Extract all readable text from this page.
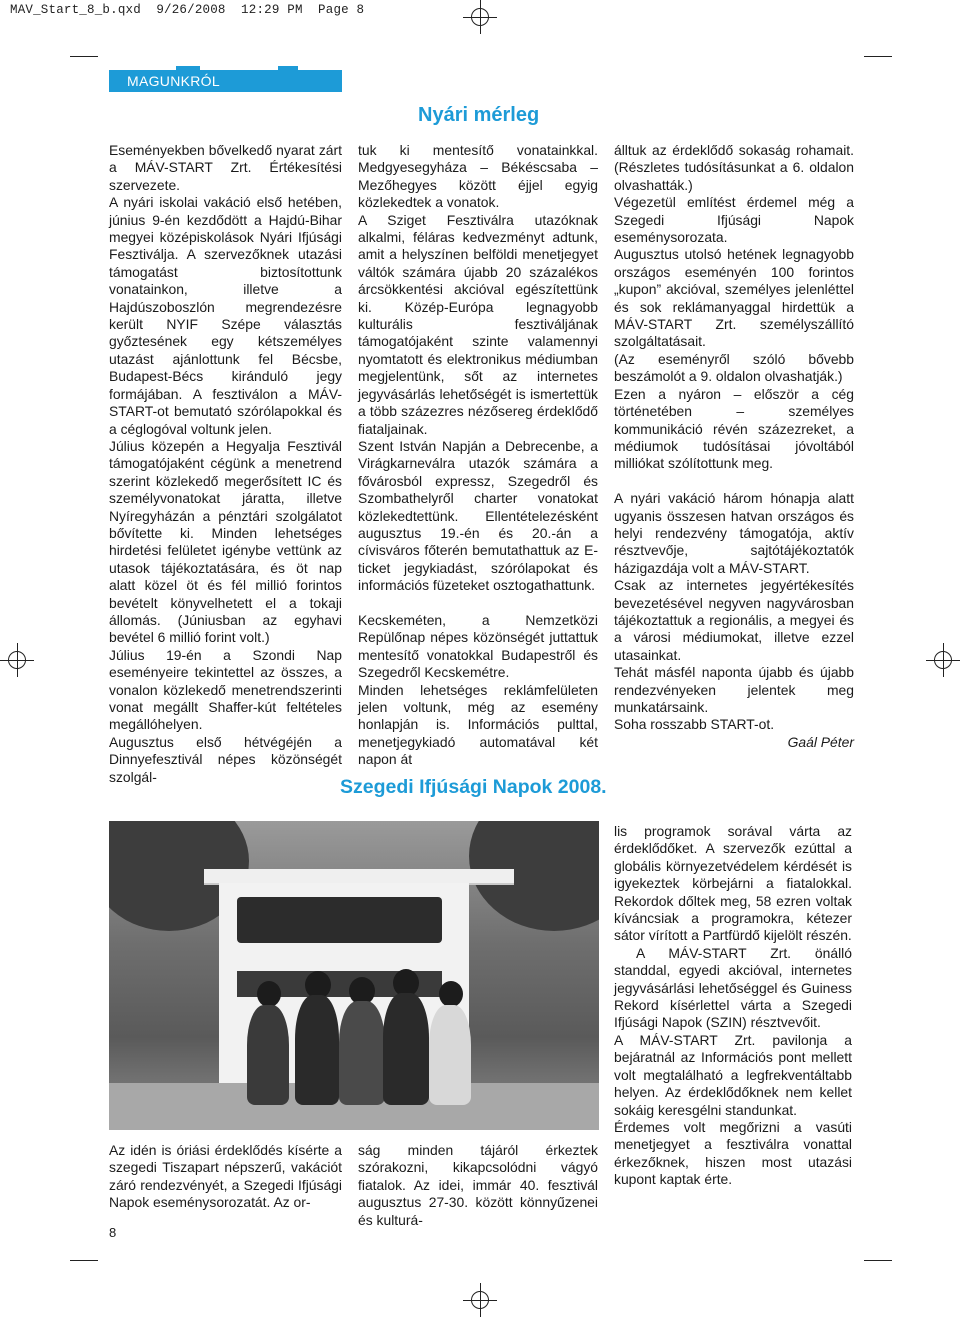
MAV_Start_8_b.qxd  9/26/2008  12:29 PM  Page 8
MAGUNKRÓL
Nyári mérleg

Eseményekben bővelkedő nyarat zárt a MÁV-START Zrt. Értékesítési szervezete.

A nyári iskolai vakáció első hetében, június 9-én kezdődött a Hajdú-Bihar megyei középiskolások Nyári Ifjúsági Fesztiválja. A szervezőknek utazási támogatást biztosítottunk vonatainkon, illetve a Hajdúszoboszlón megrendezésre került NYIF Szépe választás győztesének egy kétszemélyes utazást ajánlottunk fel Bécsbe, Budapest-Bécs kiránduló jegy formájában. A fesztiválon a MÁV-START-ot bemutató szórólapokkal és a céglogóval voltunk jelen.

Július közepén a Hegyalja Fesztivál támogatójaként cégünk a menetrend szerint közlekedő megerősített IC és személyvonatokat járatta, illetve Nyíregyházán a pénztári szolgálatot bővítette ki. Minden lehetséges hirdetési felületet igénybe vettünk az utasok tájékoztatására, és öt nap alatt közel öt és fél millió forintos bevételt könyvelhetett el a tokaji állomás. (Júniusban az egyhavi bevétel 6 millió forint volt.)

Július 19-én a Szondi Nap eseményeire tekintettel az összes, a vonalon közlekedő menetrendszerinti vonat megállt Shaffer-kút feltételes megállóhelyen.

Augusztus első hétvégéjén a Dinnyefesztivál népes közönségét szolgál-

tuk ki mentesítő vonatainkkal. Medgyesegyháza – Békéscsaba – Mezőhegyes között éjjel egyig közlekedtek a vonatok.

A Sziget Fesztiválra utazóknak alkalmi, féláras kedvezményt adtunk, amit a helyszínen belföldi menetjegyet váltók számára újabb 20 százalékos árcsökkentési akcióval egészítettünk ki. Közép-Európa legnagyobb kulturális fesztiváljának támogatójaként szinte valamennyi nyomtatott és elektronikus médiumban megjelentünk, sőt az internetes jegyvásárlás lehetőségét is ismertettük a több százezres nézősereg érdeklődő fiataljainak.

Szent István Napján a Debrecenbe, a Virágkarneválra utazók számára a fővárosból expressz, Szegedről és Szombathelyről charter vonatokat közlekedtettünk. Ellentételezésként augusztus 19.-én és 20.-án a cívisváros főterén bemutathattuk az E-ticket jegykiadást, szórólapokat és információs füzeteket osztogathattunk.

Kecskeméten, a Nemzetközi Repülőnap népes közönségét juttattuk mentesítő vonatokkal Budapestről és Szegedről Kecskemétre.

Minden lehetséges reklámfelületen jelen voltunk, még az esemény honlapján is. Információs pulttal, menetjegykiadó automatával két napon át

álltuk az érdeklődő sokaság rohamait. (Részletes tudósításunkat a 6. oldalon olvashatták.)

Végezetül említést érdemel még a Szegedi Ifjúsági Napok eseménysorozata.

Augusztus utolsó hetének legnagyobb országos eseményén 100 forintos „kupon” akcióval, személyes jelenléttel és sok reklámanyaggal hirdettük a MÁV-START Zrt. személyszállító szolgáltatásait.

(Az eseményről szóló bővebb beszámolót a 9. oldalon olvashatják.)

Ezen a nyáron – először a cég történetében – személyes kommunikáció révén százezreket, a médiumok tudósításai jóvoltából milliókat szólítottunk meg.

A nyári vakáció három hónapja alatt ugyanis összesen hatvan országos és helyi rendezvény támogatója, aktív résztvevője, sajtótájékoztatók házigazdája volt a MÁV-START.

Csak az internetes jegyértékesítés bevezetésével negyven nagyvárosban tájékoztattuk a regionális, a megyei és a városi médiumokat, illetve ezzel utasainkat.

Tehát másfél naponta újabb és újabb rendezvényeken jelentek meg munkatársaink.

Soha rosszabb START-ot.

Gaál Péter

Szegedi Ifjúsági Napok 2008.

Az idén is óriási érdeklődés kísérte a szegedi Tiszapart népszerű, vakációt záró rendezvényét, a Szegedi Ifjúsági Napok eseménysorozatát. Az or-

ság minden tájáról érkeztek szórakozni, kikapcsolódni vágyó fiatalok. Az idei, immár 40. fesztivál augusztus 27-30. között könnyűzenei és kulturá-

lis programok sorával várta az érdeklődőket. A szervezők ezúttal a globális környezetvédelem kérdését is igyekeztek körbejárni a fiatalokkal. Rekordok dőltek meg, 58 ezren voltak kíváncsiak a programokra, kétezer sátor vírított a Partfürdő kijelölt részén.

A MÁV-START Zrt. önálló standdal, egyedi akcióval, internetes jegyvásárlási lehetőséggel és Guiness Rekord kísérlettel várta a Szegedi Ifjúsági Napok (SZIN) résztvevőit.

A MÁV-START Zrt. pavilonja a bejáratnál az Információs pont mellett volt megtalálható a legfrekventáltabb helyen. Az érdeklődőknek nem kellet sokáig keresgélni standunkat.

Érdemes volt megőrizni a vasúti menetjegyet a fesztiválra vonattal érkezőknek, hiszen most utazási kupont kaptak érte.

8
